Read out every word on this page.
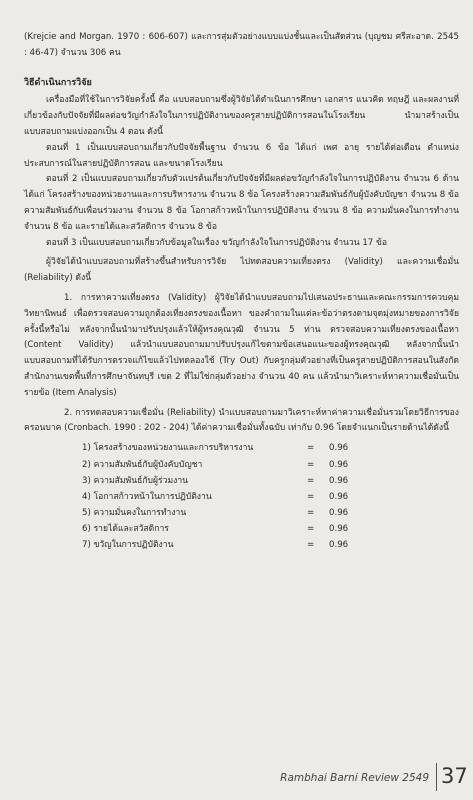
(Krejcie and Morgan. 1970 : 606-607) และการสุ่มตัวอย่างแบบแบ่งชั้นและเป็นสัดส่วน (บุญชม ศรีสะอาด. 2545 : 46-47) จำนวน 306 คน

วิธีดำเนินการวิจัย

เครื่องมือที่ใช้ในการวิจัยครั้งนี้ คือ แบบสอบถามซึ่งผู้วิจัยได้ดำเนินการศึกษา เอกสาร แนวคิด ทฤษฎี และผลงานที่เกี่ยวข้องกับปัจจัยที่มีผลต่อขวัญกำลังใจในการปฏิบัติงานของครูสายปฏิบัติการสอนในโรงเรียน นำมาสร้างเป็นแบบสอบถามแบ่งออกเป็น 4 ตอน ดังนี้

ตอนที่ 1 เป็นแบบสอบถามเกี่ยวกับปัจจัยพื้นฐาน จำนวน 6 ข้อ ได้แก่ เพศ อายุ รายได้ต่อเดือน ตำแหน่ง ประสบการณ์ในสายปฏิบัติการสอน และขนาดโรงเรียน

ตอนที่ 2 เป็นแบบสอบถามเกี่ยวกับตัวแปรต้นเกี่ยวกับปัจจัยที่มีผลต่อขวัญกำลังใจในการปฏิบัติงาน จำนวน 6 ด้าน ได้แก่ โครงสร้างของหน่วยงานและการบริหารงาน จำนวน 8 ข้อ โครงสร้างความสัมพันธ์กับผู้บังคับบัญชา จำนวน 8 ข้อ ความสัมพันธ์กับเพื่อนร่วมงาน จำนวน 8 ข้อ โอกาสก้าวหน้าในการปฏิบัติงาน จำนวน 8 ข้อ ความมั่นคงในการทำงาน จำนวน 8 ข้อ และรายได้และสวัสดิการ จำนวน 8 ข้อ

ตอนที่ 3 เป็นแบบสอบถามเกี่ยวกับข้อมูลในเรื่อง ขวัญกำลังใจในการปฏิบัติงาน จำนวน 17 ข้อ

ผู้วิจัยได้นำแบบสอบถามที่สร้างขึ้นสำหรับการวิจัย ไปทดสอบความเที่ยงตรง (Validity) และความเชื่อมั่น (Reliability) ดังนี้

1. การหาความเที่ยงตรง (Validity) ผู้วิจัยได้นำแบบสอบถามไปเสนอประธานและคณะกรรมการควบคุมวิทยานิพนธ์ เพื่อตรวจสอบความถูกต้องเที่ยงตรงของเนื้อหา ของคำถามในแต่ละข้อว่าตรงตามจุดมุ่งหมายของการวิจัยครั้งนี้หรือไม่ หลังจากนั้นนำมาปรับปรุงแล้วให้ผู้ทรงคุณวุฒิ จำนวน 5 ท่าน ตรวจสอบความเที่ยงตรงของเนื้อหา (Content Validity) แล้วนำแบบสอบถามมาปรับปรุงแก้ไขตามข้อเสนอแนะของผู้ทรงคุณวุฒิ หลังจากนั้นนำแบบสอบถามที่ได้รับการตรวจแก้ไขแล้วไปทดลองใช้ (Try Out) กับครูกลุ่มตัวอย่างที่เป็นครูสายปฏิบัติการสอนในสังกัดสำนักงานเขตพื้นที่การศึกษาจันทบุรี เขต 2 ที่ไม่ใช่กลุ่มตัวอย่าง จำนวน 40 คน แล้วนำมาวิเคราะห์หาความเชื่อมั่นเป็นรายข้อ (Item Analysis)

2. การทดสอบความเชื่อมั่น (Reliability) นำแบบสอบถามมาวิเคราะห์หาค่าความเชื่อมั่นรวมโดยวิธีการของครอนบาค (Cronbach. 1990 : 202 - 204) ได้ค่าความเชื่อมั่นทั้งฉบับ เท่ากับ 0.96 โดยจำแนกเป็นรายด้านได้ดังนี้

1) โครงสร้างของหน่วยงานและการบริหารงาน	=	0.96
2) ความสัมพันธ์กับผู้บังคับบัญชา	=	0.96
3) ความสัมพันธ์กับผู้ร่วมงาน	=	0.96
4) โอกาสก้าวหน้าในการปฏิบัติงาน	=	0.96
5) ความมั่นคงในการทำงาน	=	0.96
6) รายได้และสวัสดิการ	=	0.96
7) ขวัญในการปฏิบัติงาน	=	0.96
Rambhai Barni Review 2549 37
